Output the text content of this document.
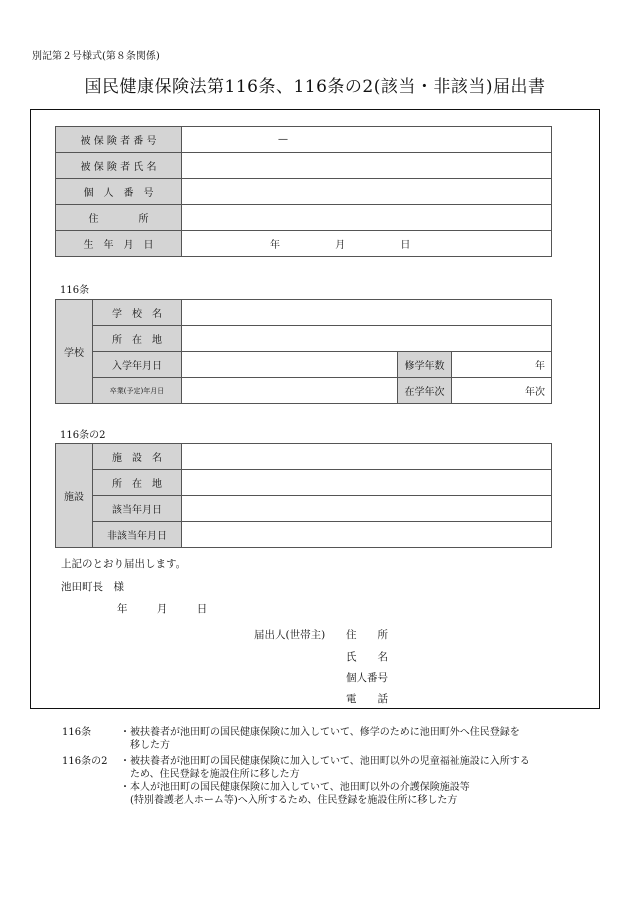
別記第２号様式(第８条関係)
国民健康保険法第116条、116条の2(該当・非該当)届出書
被 保 険 者 番 号	—
被 保 険 者 氏 名	
個　人　番　号	
住　　　　所	
生　年　月　日	年 月 日
116条
学校	学　校　名			
	所　在　地			
	入学年月日		修学年数	年
	卒業(予定)年月日		在学年次	年次
116条の2
施設	施　設　名	
	所　在　地	
	該当年月日	
	非該当年月日	
上記のとおり届出します。
池田町長　様
年	月	日
届出人(世帯主) 住　　所
氏　　名
個人番号
電　　話
116条	・被扶養者が池田町の国民健康保険に加入していて、修学のために池田町外へ住民登録を
　移した方
116条の2 ・被扶養者が池田町の国民健康保険に加入していて、池田町以外の児童福祉施設に入所する
　ため、住民登録を施設住所に移した方
・本人が池田町の国民健康保険に加入していて、池田町以外の介護保険施設等
　(特別養護老人ホーム等)へ入所するため、住民登録を施設住所に移した方
